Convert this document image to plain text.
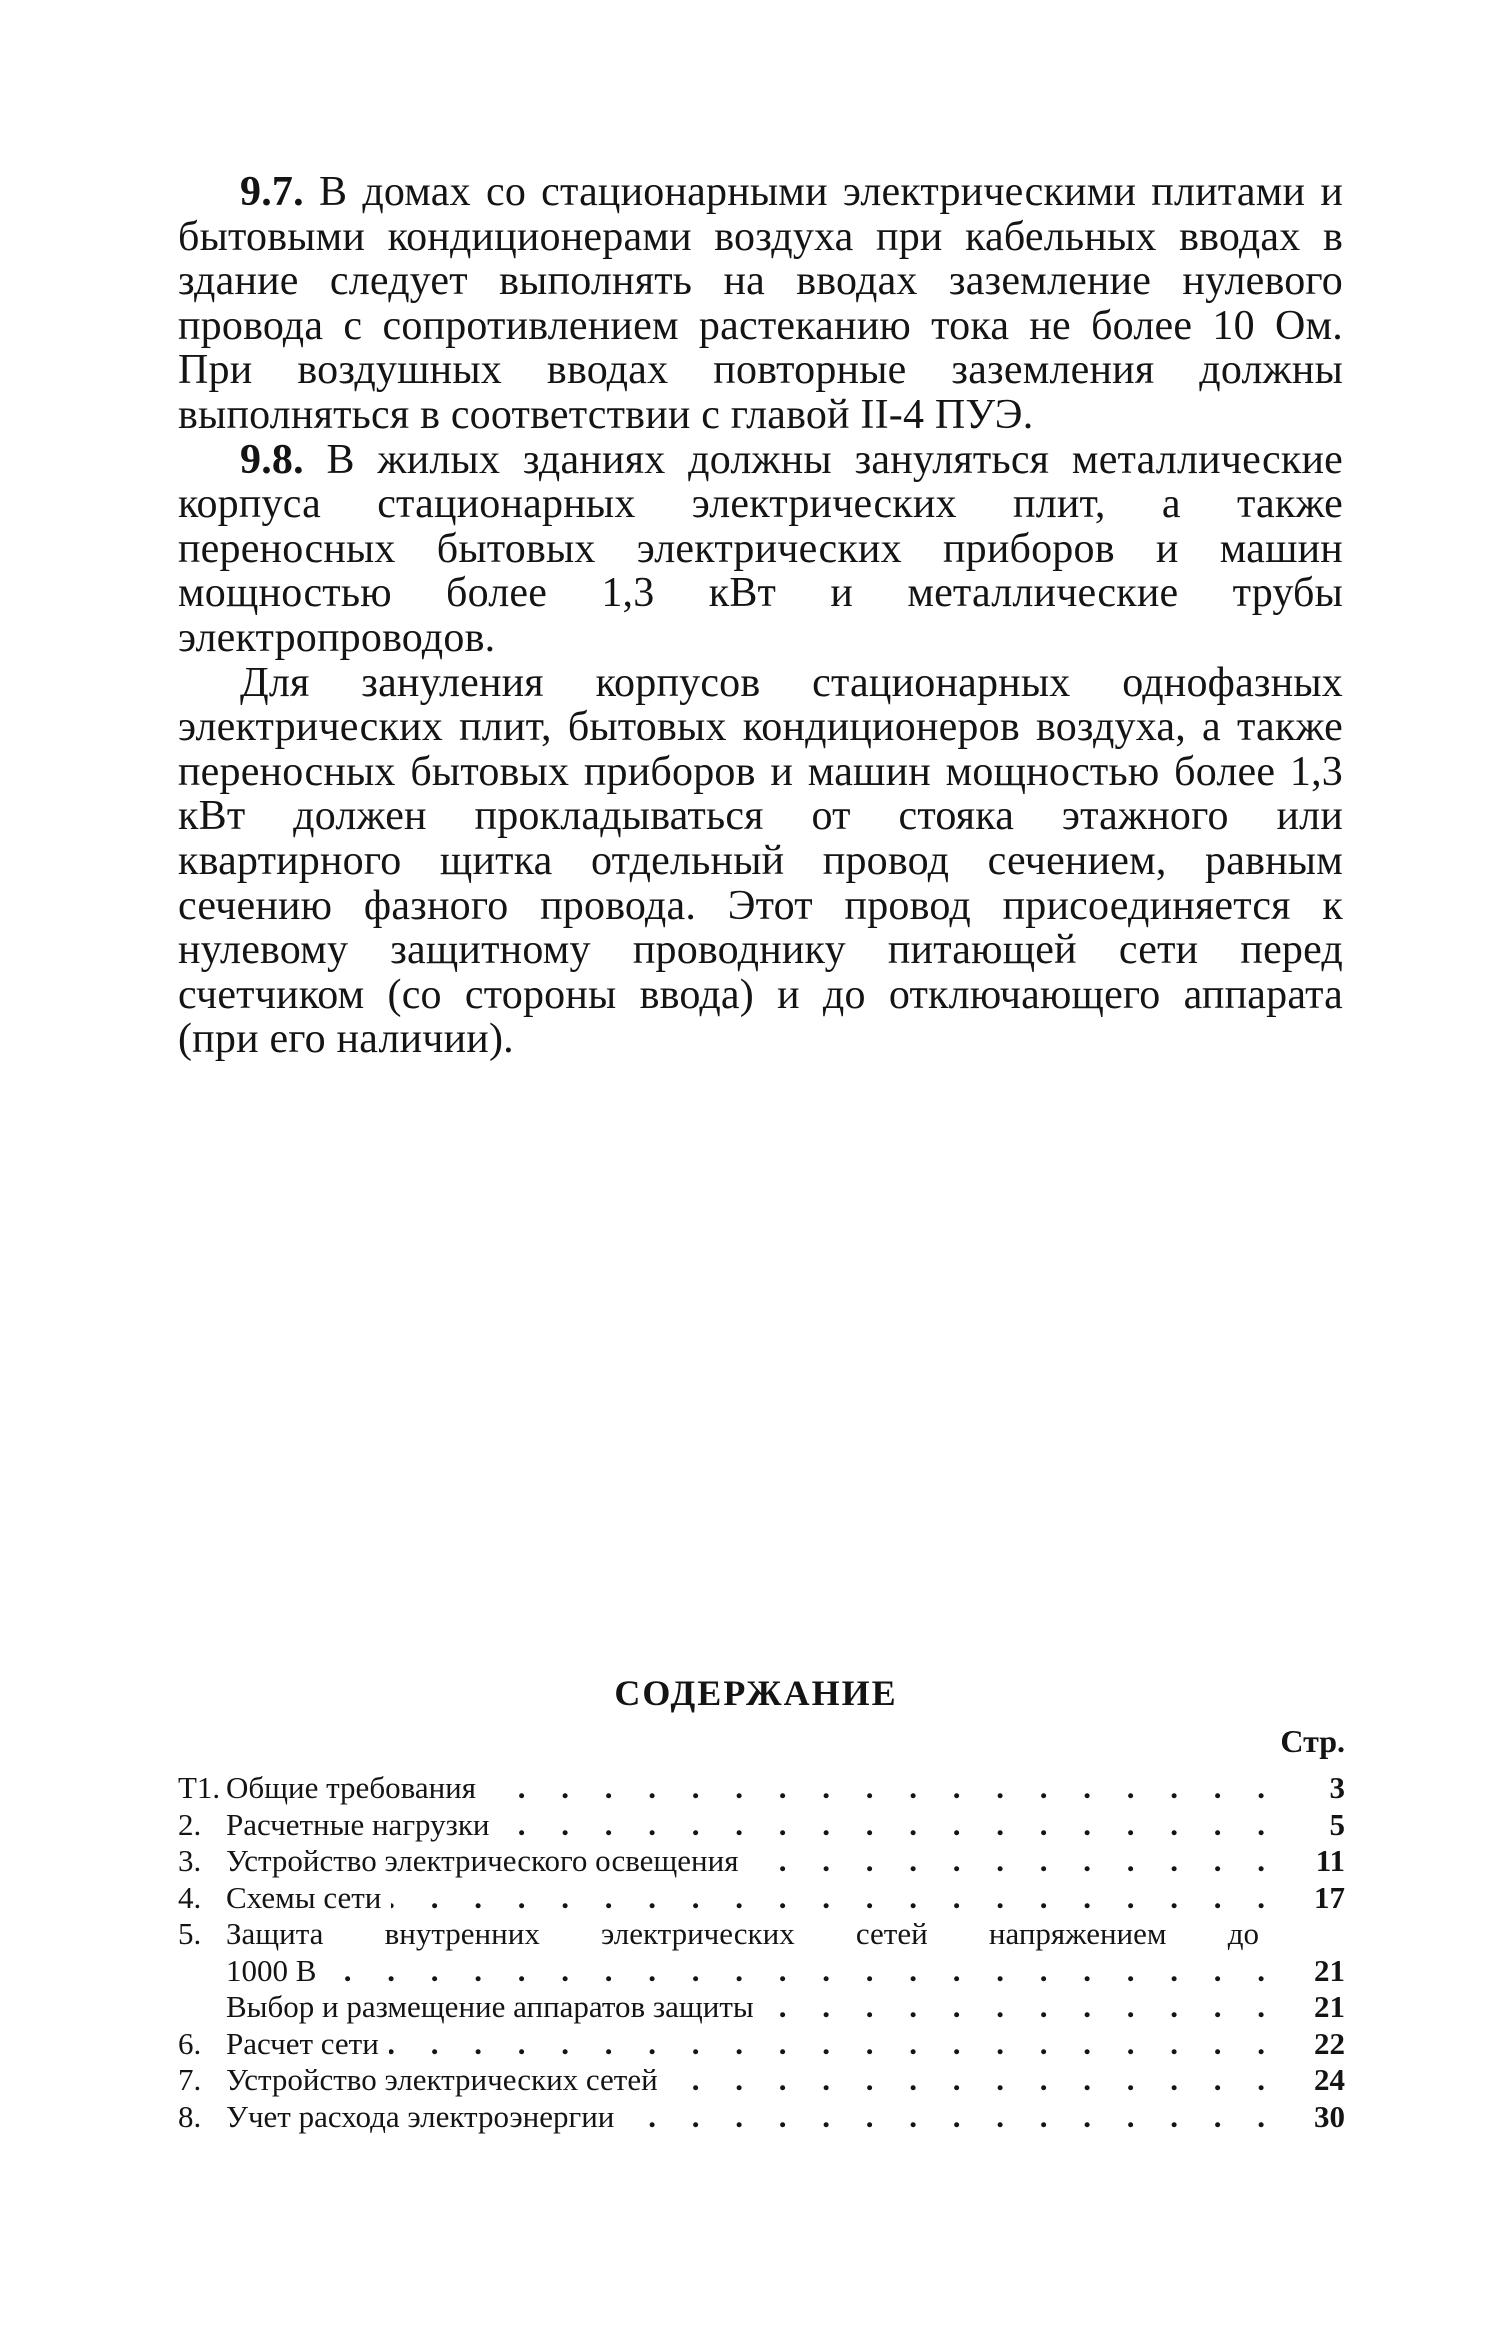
9.7. В домах со стационарными электрическими плитами и бытовыми кондиционерами воздуха при кабельных вводах в здание следует выполнять на вводах заземление нулевого провода с сопротивлением растеканию тока не более 10 Ом. При воздушных вводах повторные заземления должны выполняться в соответствии с главой II-4 ПУЭ.

9.8. В жилых зданиях должны зануляться металлические корпуса стационарных электрических плит, а также переносных бытовых электрических приборов и машин мощностью более 1,3 кВт и металлические трубы электропроводов.

Для зануления корпусов стационарных однофазных электрических плит, бытовых кондиционеров воздуха, а также переносных бытовых приборов и машин мощностью более 1,3 кВт должен прокладываться от стояка этажного или квартирного щитка отдельный провод сечением, равным сечению фазного провода. Этот провод присоединяется к нулевому защитному проводнику питающей сети перед счетчиком (со стороны ввода) и до отключающего аппарата (при его наличии).

СОДЕРЖАНИЕ
Стр.
Т1. Общие требования . . .	3
2. Расчетные нагрузки . . .	5
3. Устройство электрического освещения . . .	11
4. Схемы сети . . .	17
5. Защита внутренних электрических сетей напряжением до
1000 В . . .	21
Выбор и размещение аппаратов защиты . . .	21
6. Расчет сети . . .	22
7. Устройство электрических сетей . . .	24
8. Учет расхода электроэнергии . . .	30
